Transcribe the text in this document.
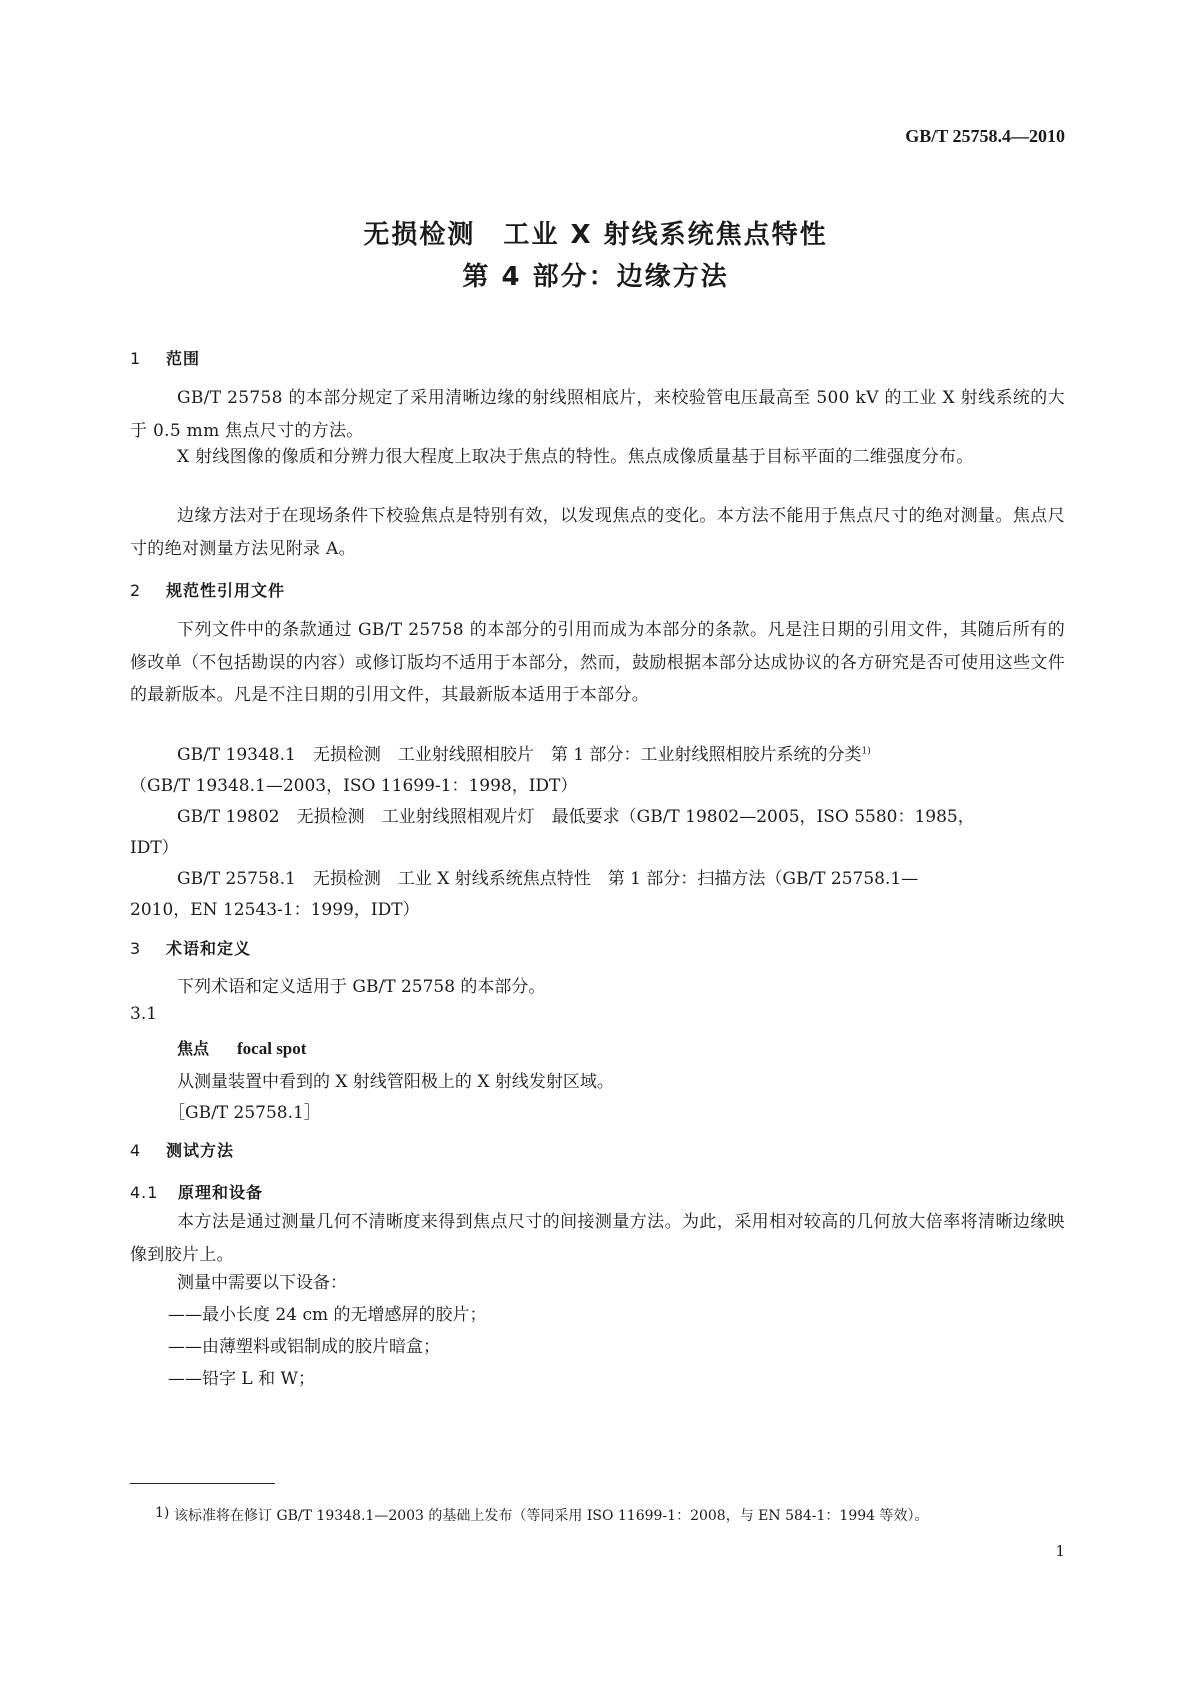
GB/T 25758.4—2010
无损检测　工业 X 射线系统焦点特性
第 4 部分：边缘方法
1 范围
GB/T 25758 的本部分规定了采用清晰边缘的射线照相底片，来校验管电压最高至 500 kV 的工业 X 射线系统的大于 0.5 mm 焦点尺寸的方法。
X 射线图像的像质和分辨力很大程度上取决于焦点的特性。焦点成像质量基于目标平面的二维强度分布。
边缘方法对于在现场条件下校验焦点是特别有效，以发现焦点的变化。本方法不能用于焦点尺寸的绝对测量。焦点尺寸的绝对测量方法见附录 A。
2 规范性引用文件
下列文件中的条款通过 GB/T 25758 的本部分的引用而成为本部分的条款。凡是注日期的引用文件，其随后所有的修改单（不包括勘误的内容）或修订版均不适用于本部分，然而，鼓励根据本部分达成协议的各方研究是否可使用这些文件的最新版本。凡是不注日期的引用文件，其最新版本适用于本部分。
GB/T 19348.1　无损检测　工业射线照相胶片　第 1 部分：工业射线照相胶片系统的分类$^{1)}$
（GB/T 19348.1—2003，ISO 11699-1：1998，IDT）
GB/T 19802　无损检测　工业射线照相观片灯　最低要求（GB/T 19802—2005，ISO 5580：1985，
IDT）
GB/T 25758.1　无损检测　工业 X 射线系统焦点特性　第 1 部分：扫描方法（GB/T 25758.1—
2010，EN 12543-1：1999，IDT）
3 术语和定义
下列术语和定义适用于 GB/T 25758 的本部分。
3.1
焦点 focal spot
从测量装置中看到的 X 射线管阳极上的 X 射线发射区域。
［GB/T 25758.1］
4 测试方法
4.1 原理和设备
本方法是通过测量几何不清晰度来得到焦点尺寸的间接测量方法。为此，采用相对较高的几何放大倍率将清晰边缘映像到胶片上。
测量中需要以下设备：
——最小长度 24 cm 的无增感屏的胶片；
——由薄塑料或铝制成的胶片暗盒；
——铅字 L 和 W；
1) 该标准将在修订 GB/T 19348.1—2003 的基础上发布（等同采用 ISO 11699-1：2008，与 EN 584-1：1994 等效）。
1
